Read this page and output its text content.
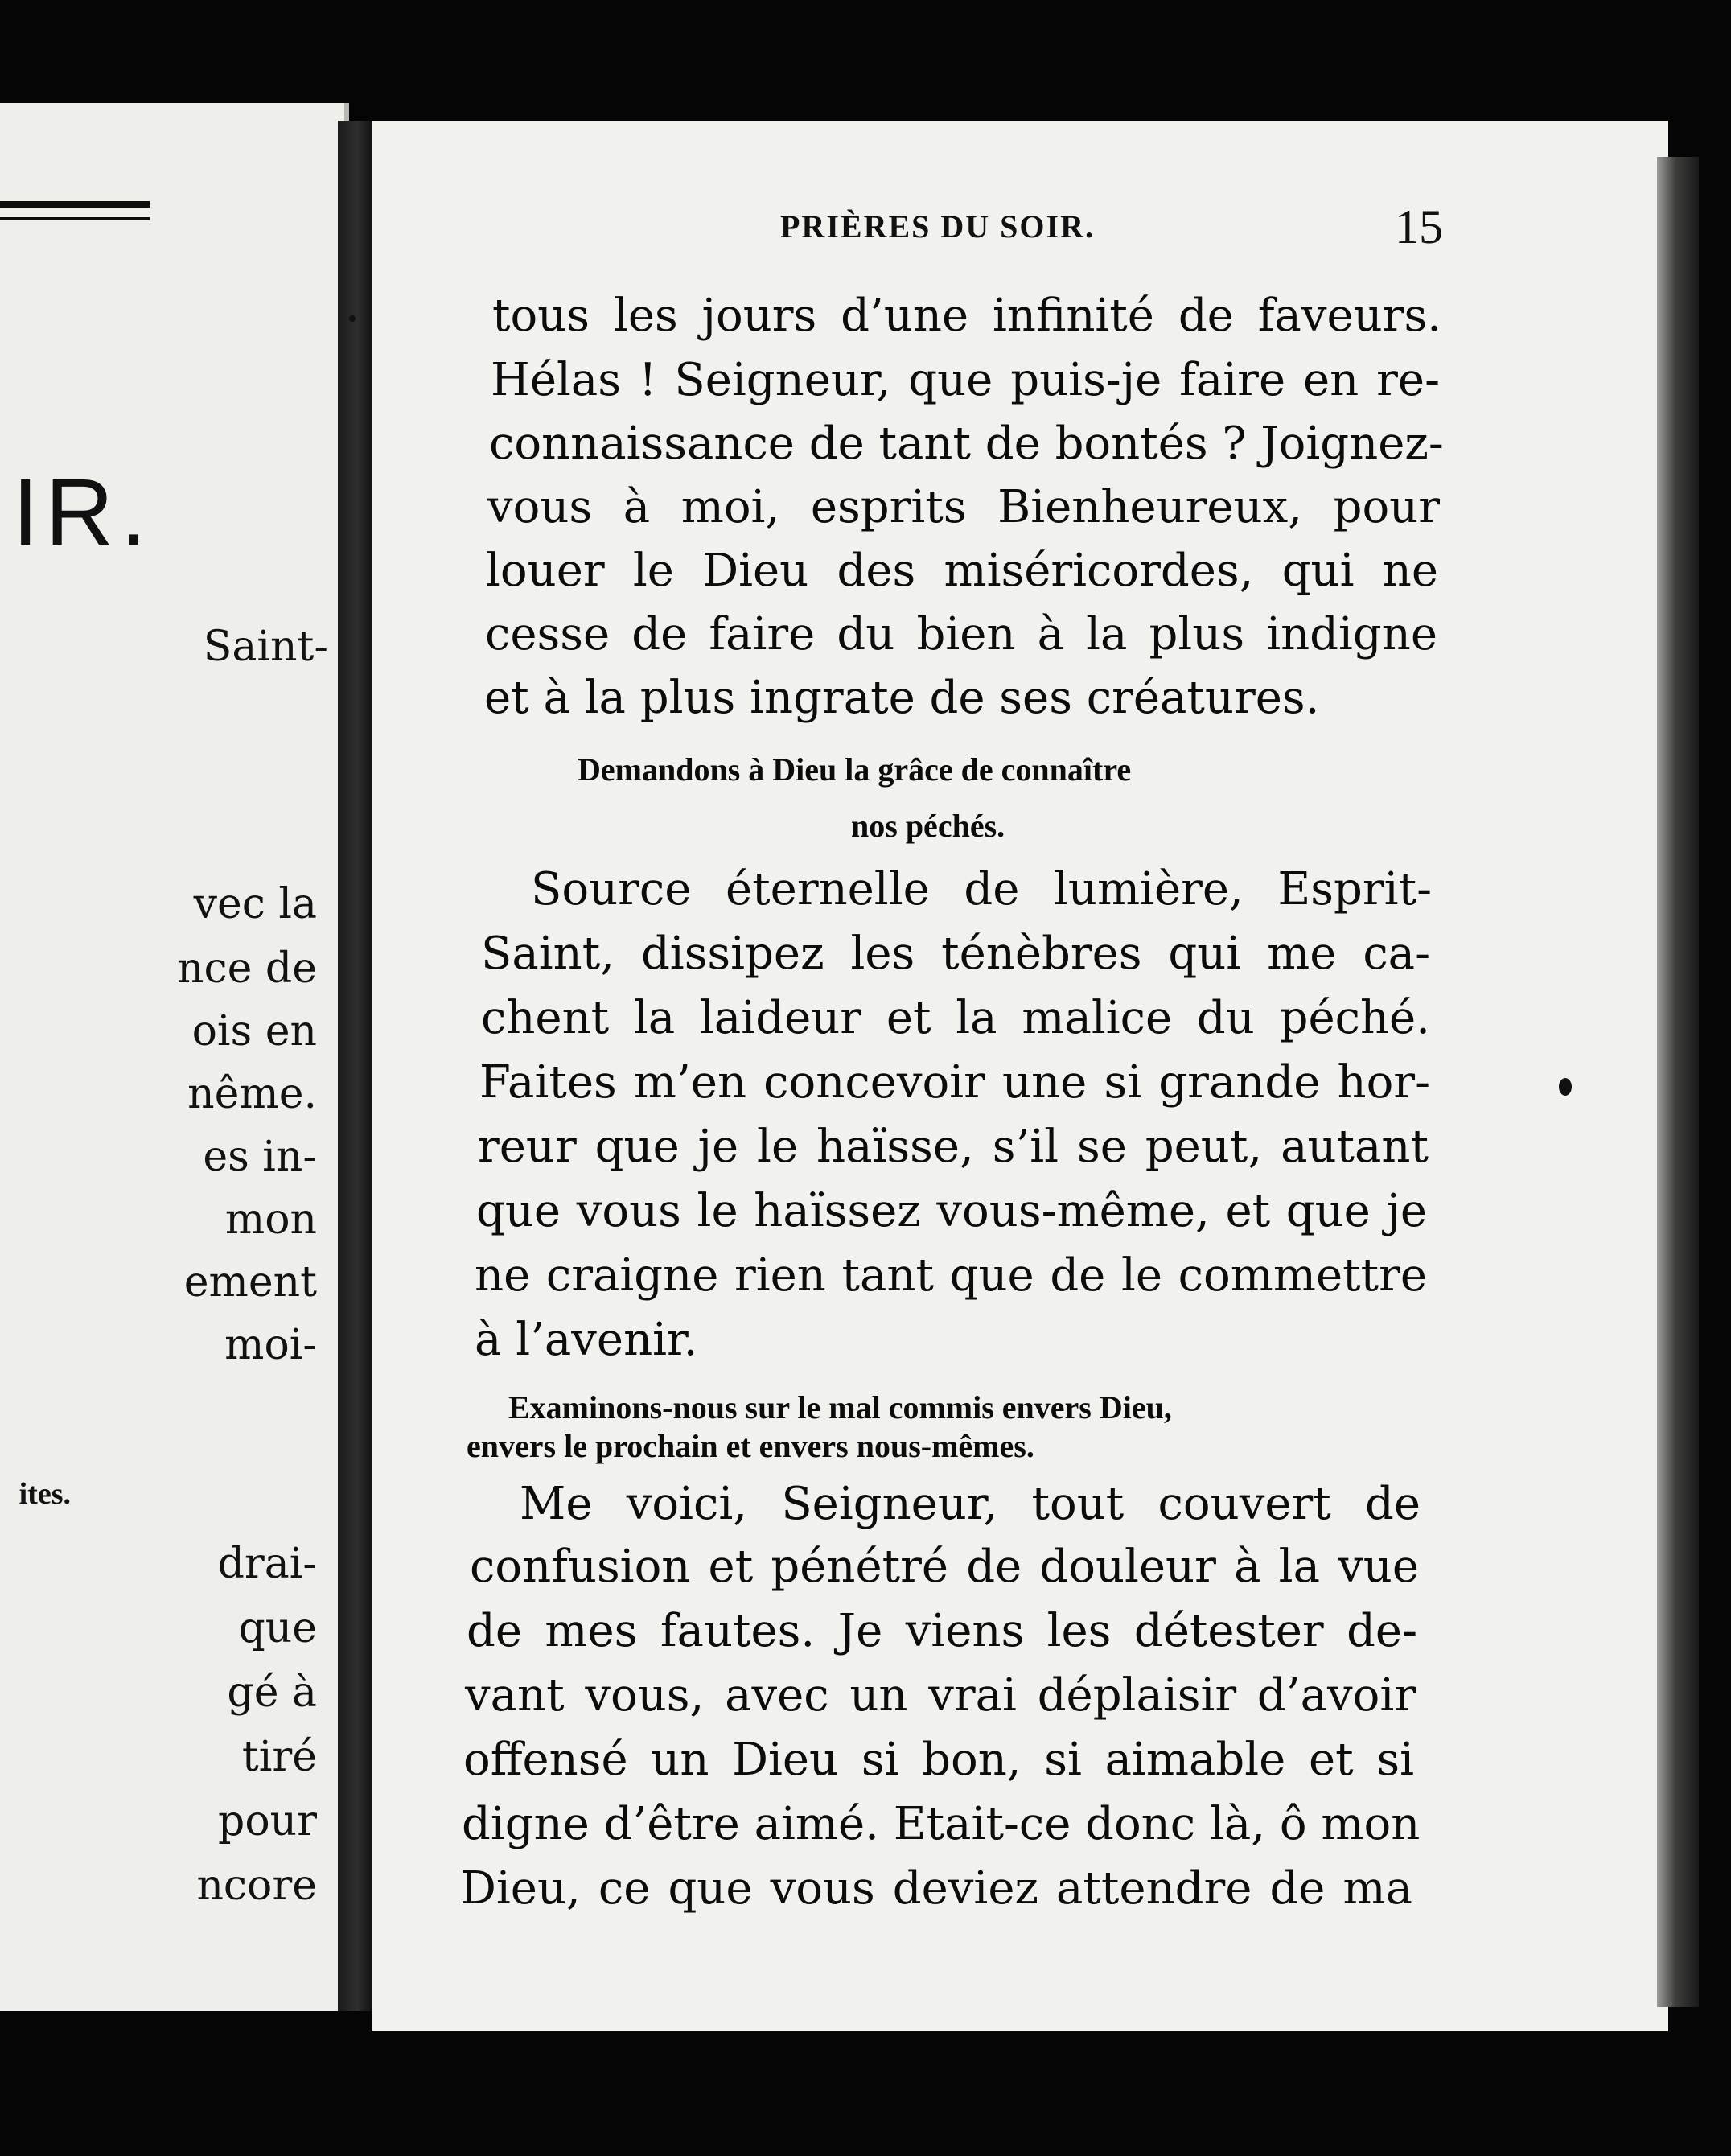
IR.
Saint-
vec la
nce de
ois en
nême.
es in-
mon
ement
moi-
ites.
drai-
que
gé à
tiré
pour
ncore
PRIÈRES DU SOIR.	15
tous les jours d’une infinité de faveurs.
Hélas ! Seigneur, que puis-je faire en re-
connaissance de tant de bontés ? Joignez-
vous à moi, esprits Bienheureux, pour
louer le Dieu des miséricordes, qui ne
cesse de faire du bien à la plus indigne
et à la plus ingrate de ses créatures.
Demandons à Dieu la grâce de connaître
nos péchés.
Source éternelle de lumière, Esprit-
Saint, dissipez les ténèbres qui me ca-
chent la laideur et la malice du péché.
Faites m’en concevoir une si grande hor-
reur que je le haïsse, s’il se peut, autant
que vous le haïssez vous-même, et que je
ne craigne rien tant que de le commettre
à l’avenir.
Examinons-nous sur le mal commis envers Dieu,
envers le prochain et envers nous-mêmes.
Me voici, Seigneur, tout couvert de
confusion et pénétré de douleur à la vue
de mes fautes. Je viens les détester de-
vant vous, avec un vrai déplaisir d’avoir
offensé un Dieu si bon, si aimable et si
digne d’être aimé. Etait-ce donc là, ô mon
Dieu, ce que vous deviez attendre de ma
